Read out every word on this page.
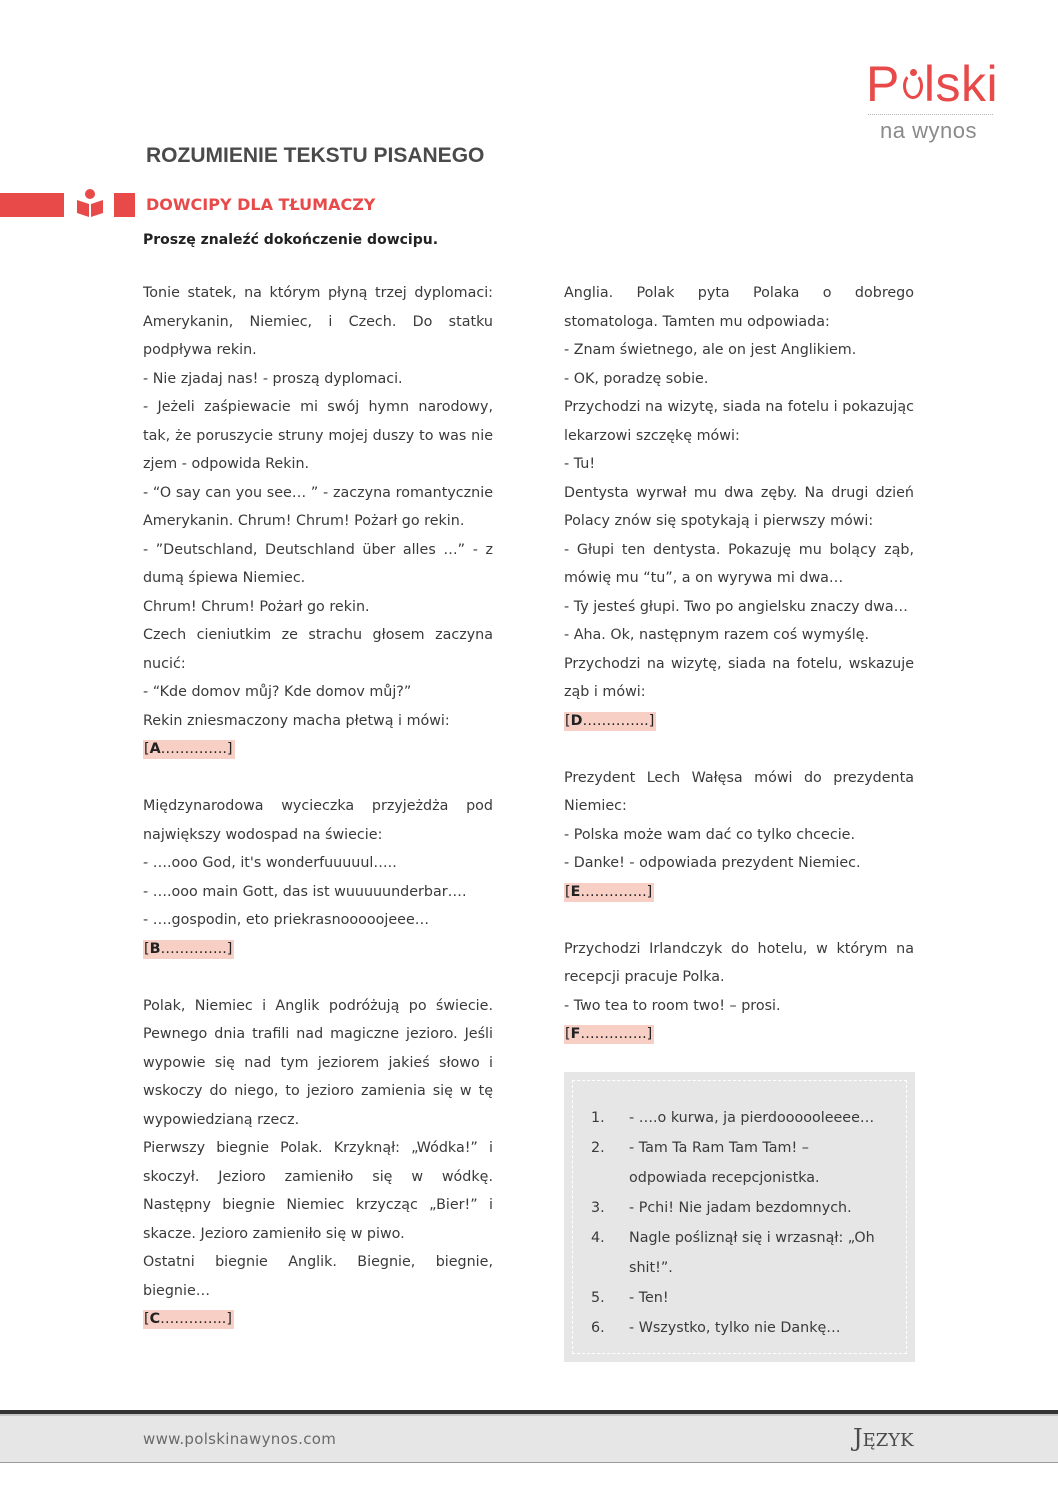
P lski
na wynos
ROZUMIENIE TEKSTU PISANEGO
DOWCIPY DLA TŁUMACZY
Proszę znaleźć dokończenie dowcipu.

Tonie statek, na którym płyną trzej dyplomaci: Amerykanin, Niemiec, i Czech. Do statku podpływa rekin.

- Nie zjadaj nas! - proszą dyplomaci.

- Jeżeli zaśpiewacie mi swój hymn narodowy, tak, że poruszycie struny mojej duszy to was nie zjem - odpowida Rekin.

- “O say can you see… ” - zaczyna romantycznie Amerykanin. Chrum! Chrum! Pożarł go rekin.

- ”Deutschland, Deutschland über alles …” - z dumą śpiewa Niemiec.

Chrum! Chrum! Pożarł go rekin.

Czech cieniutkim ze strachu głosem zaczyna nucić:

- “Kde domov můj? Kde domov můj?”

Rekin zniesmaczony macha płetwą i mówi:

[A…………..]

Międzynarodowa wycieczka przyjeżdża pod największy wodospad na świecie:

- ….ooo God, it's wonderfuuuuul…..

- ….ooo main Gott, das ist wuuuuunderbar….

- ….gospodin, eto priekrasnooooojeee…

[B…………..]

Polak, Niemiec i Anglik podróżują po świecie. Pewnego dnia trafili nad magiczne jezioro. Jeśli wypowie się nad tym jeziorem jakieś słowo i wskoczy do niego, to jezioro zamienia się w tę wypowiedzianą rzecz.

Pierwszy biegnie Polak. Krzyknął: „Wódka!” i skoczył. Jezioro zamieniło się w wódkę. Następny biegnie Niemiec krzycząc „Bier!” i skacze. Jezioro zamieniło się w piwo.

Ostatni biegnie Anglik. Biegnie, biegnie, biegnie…

[C…………..]

Anglia. Polak pyta Polaka o dobrego stomatologa. Tamten mu odpowiada:

- Znam świetnego, ale on jest Anglikiem.

- OK, poradzę sobie.

Przychodzi na wizytę, siada na fotelu i pokazując lekarzowi szczękę mówi:

- Tu!

Dentysta wyrwał mu dwa zęby. Na drugi dzień Polacy znów się spotykają i pierwszy mówi:

- Głupi ten dentysta. Pokazuję mu bolący ząb, mówię mu “tu”, a on wyrywa mi dwa…

- Ty jesteś głupi. Two po angielsku znaczy dwa…

- Aha. Ok, następnym razem coś wymyślę.

Przychodzi na wizytę, siada na fotelu, wskazuje ząb i mówi:

[D…………..]

Prezydent Lech Wałęsa mówi do prezydenta Niemiec:

- Polska może wam dać co tylko chcecie.

- Danke! - odpowiada prezydent Niemiec.

[E…………..]

Przychodzi Irlandczyk do hotelu, w którym na recepcji pracuje Polka.

- Two tea to room two! – prosi.

[F…………..]
1.	- ….o kurwa, ja pierdoooooleeee…
2.	- Tam Ta Ram Tam Tam! – odpowiada recepcjonistka.
3.	- Pchi! Nie jadam bezdomnych.
4.	Nagle pośliznął się i wrzasnął: „Oh shit!”.
5.	- Ten!
6.	- Wszystko, tylko nie Dankę…
www.polskinawynos.com	JĘZYK
